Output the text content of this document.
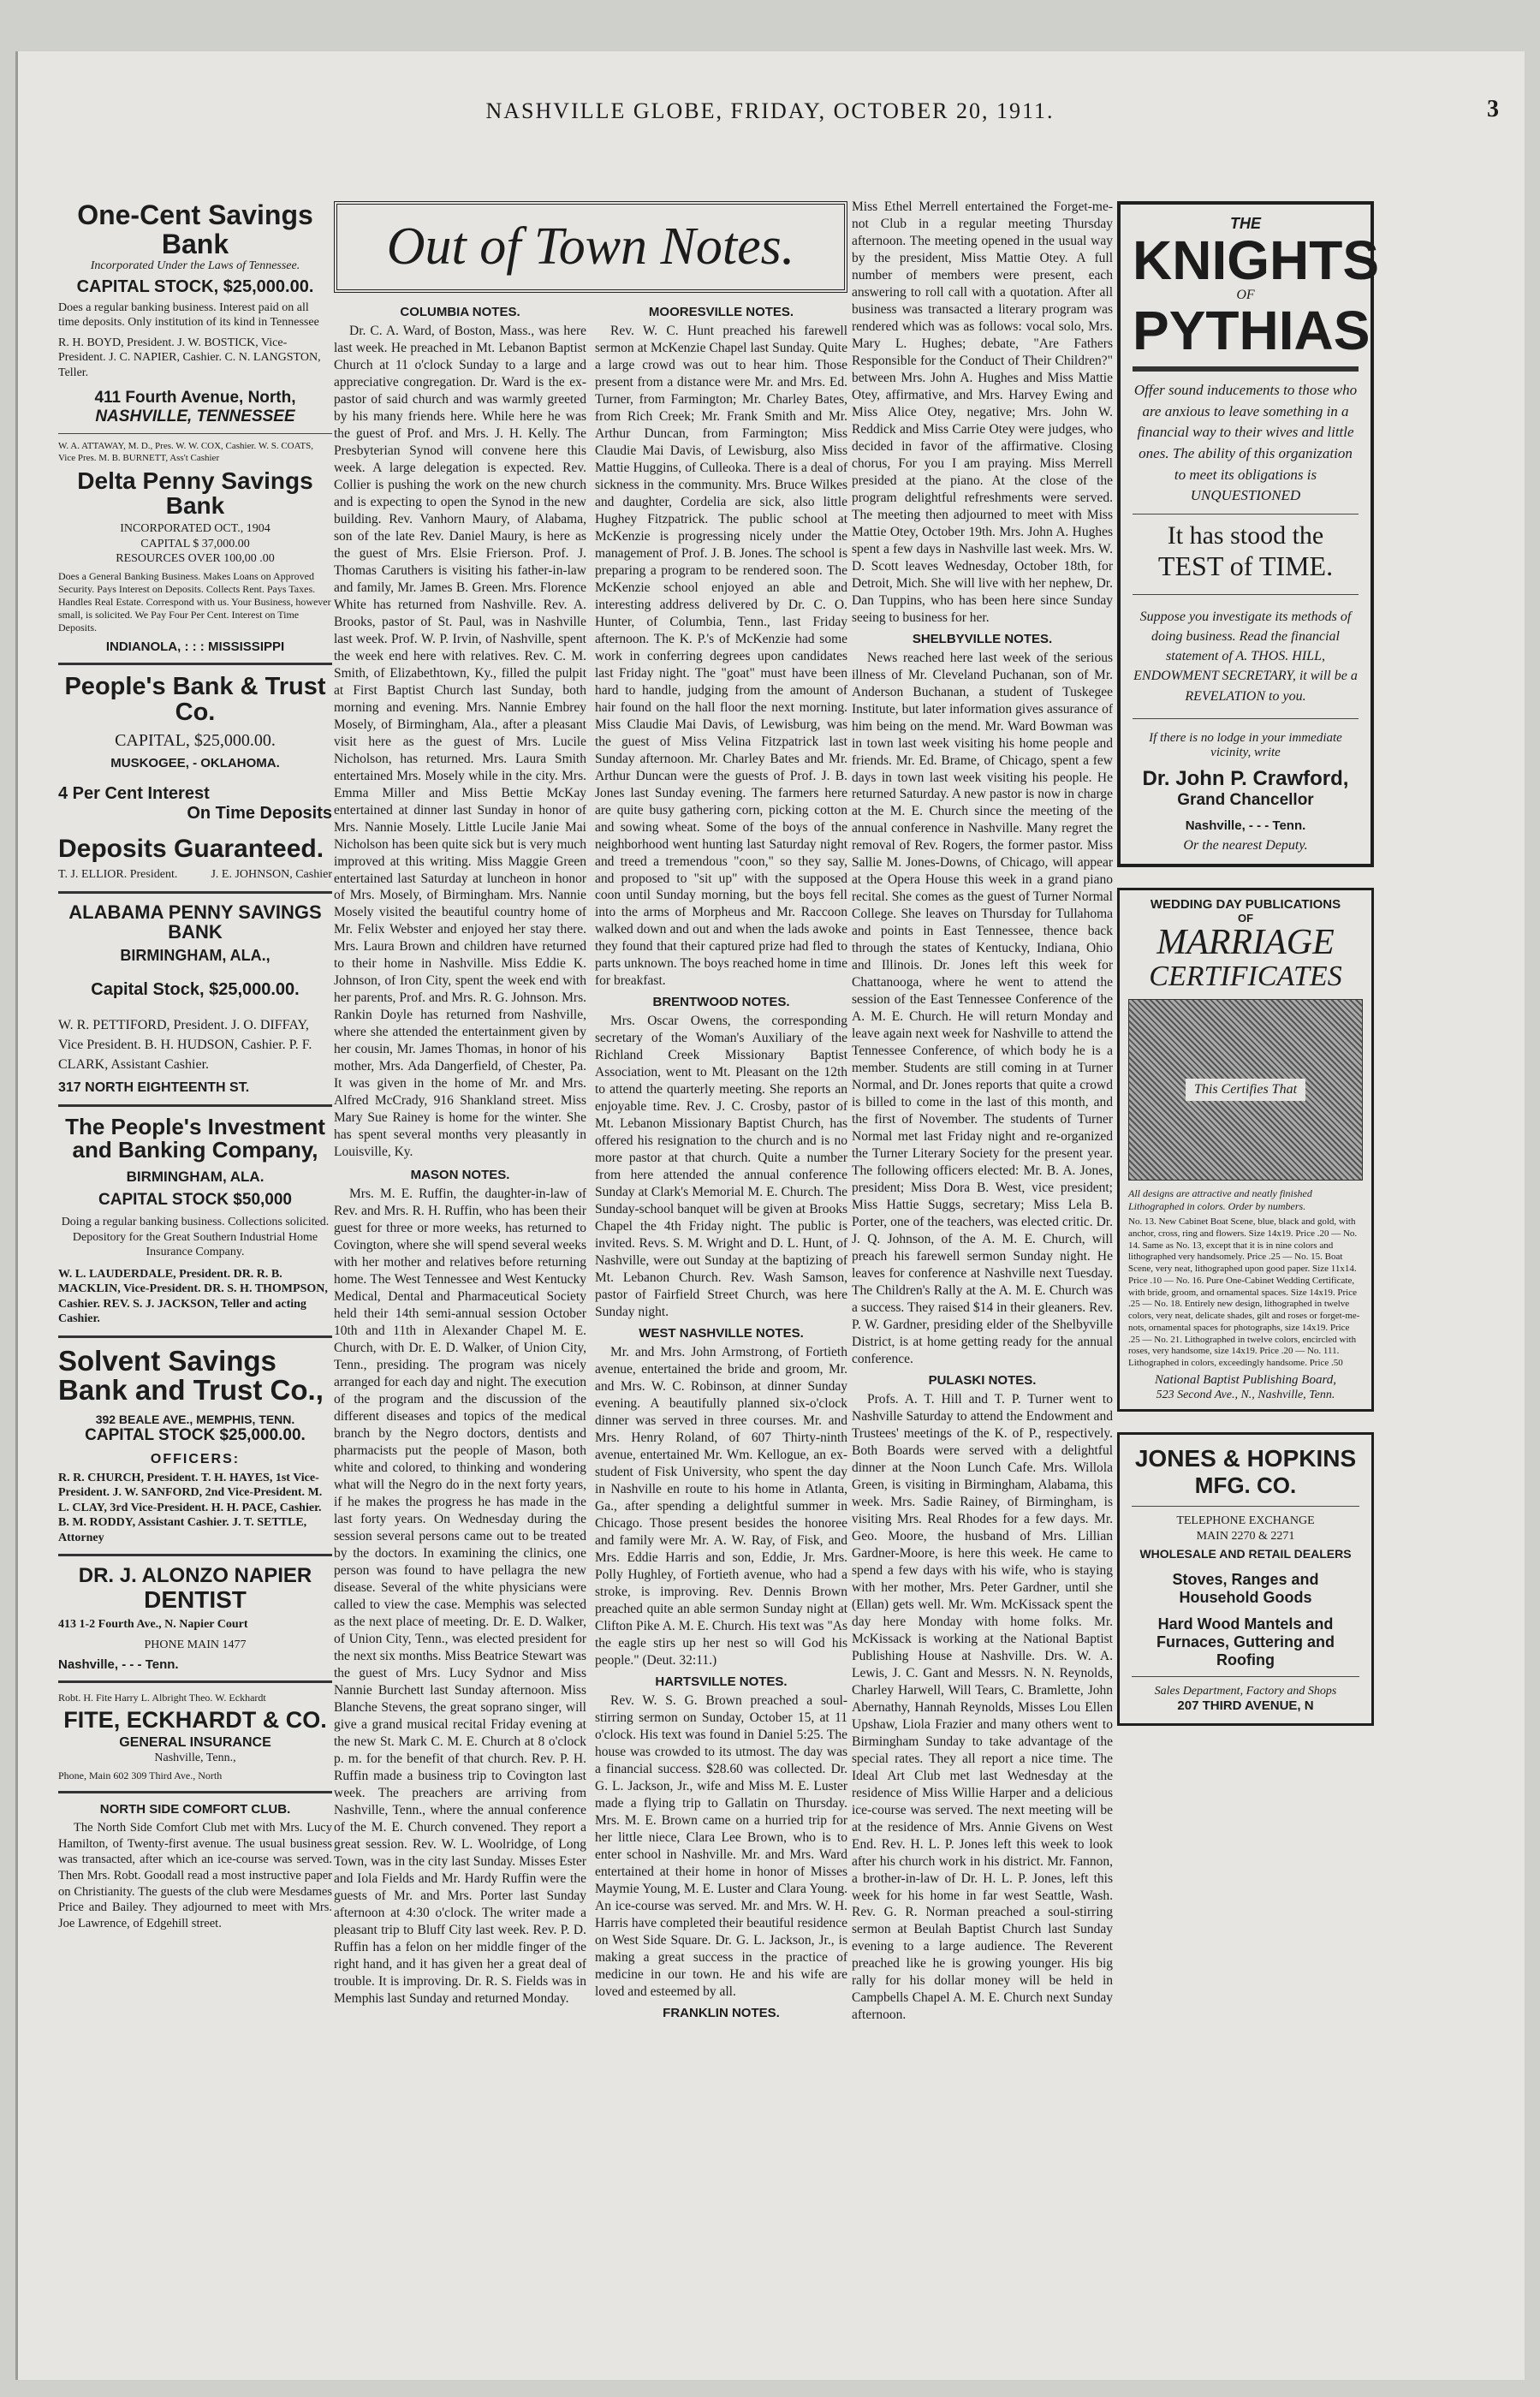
NASHVILLE GLOBE, FRIDAY, OCTOBER 20, 1911.	3
One-Cent Savings Bank
Incorporated Under the Laws of Tennessee.
CAPITAL STOCK, $25,000.00.
Does a regular banking business. Interest paid on all time deposits. Only institution of its kind in Tennessee
R. H. BOYD, President. J. W. BOSTICK, Vice-President. J. C. NAPIER, Cashier. C. N. LANGSTON, Teller.
411 Fourth Avenue, North,
NASHVILLE, TENNESSEE
W. A. ATTAWAY, M. D., Pres. W. W. COX, Cashier. W. S. COATS, Vice Pres. M. B. BURNETT, Ass't Cashier
Delta Penny Savings Bank
INCORPORATED OCT., 1904
CAPITAL $ 37,000.00
RESOURCES OVER 100,00 .00
Does a General Banking Business. Makes Loans on Approved Security. Pays Interest on Deposits. Collects Rent. Pays Taxes. Handles Real Estate. Correspond with us. Your Business, however small, is solicited. We Pay Four Per Cent. Interest on Time Deposits.
INDIANOLA, : : : MISSISSIPPI
People's Bank & Trust Co.
CAPITAL, $25,000.00.
MUSKOGEE, - OKLAHOMA.
4 Per Cent Interest
On Time Deposits
Deposits Guaranteed.
T. J. ELLIOR. President.	J. E. JOHNSON, Cashier
ALABAMA PENNY SAVINGS BANK
BIRMINGHAM, ALA.,
Capital Stock, $25,000.00.
W. R. PETTIFORD, President. J. O. DIFFAY, Vice President. B. H. HUDSON, Cashier. P. F. CLARK, Assistant Cashier.
317 NORTH EIGHTEENTH ST.
The People's Investment and Banking Company,
BIRMINGHAM, ALA.
CAPITAL STOCK $50,000
Doing a regular banking business. Collections solicited. Depository for the Great Southern Industrial Home Insurance Company.
W. L. LAUDERDALE, President. DR. R. B. MACKLIN, Vice-President. DR. S. H. THOMPSON, Cashier. REV. S. J. JACKSON, Teller and acting Cashier.
Solvent Savings Bank and Trust Co.,
392 BEALE AVE., MEMPHIS, TENN.
CAPITAL STOCK $25,000.00.
OFFICERS:
R. R. CHURCH, President. T. H. HAYES, 1st Vice-President. J. W. SANFORD, 2nd Vice-President. M. L. CLAY, 3rd Vice-President. H. H. PACE, Cashier. B. M. RODDY, Assistant Cashier. J. T. SETTLE, Attorney
DR. J. ALONZO NAPIER
DENTIST
413 1-2 Fourth Ave., N. Napier Court
PHONE MAIN 1477
Nashville, - - - Tenn.
Robt. H. Fite Harry L. Albright Theo. W. Eckhardt
FITE, ECKHARDT & CO.
GENERAL INSURANCE
Nashville, Tenn.,
Phone, Main 602 309 Third Ave., North
NORTH SIDE COMFORT CLUB.

The North Side Comfort Club met with Mrs. Lucy Hamilton, of Twenty-first avenue. The usual business was transacted, after which an ice-course was served. Then Mrs. Robt. Goodall read a most instructive paper on Christianity. The guests of the club were Mesdames Price and Bailey. They adjourned to meet with Mrs. Joe Lawrence, of Edgehill street.

Out of Town Notes.
COLUMBIA NOTES.

Dr. C. A. Ward, of Boston, Mass., was here last week. He preached in Mt. Lebanon Baptist Church at 11 o'clock Sunday to a large and appreciative congregation. Dr. Ward is the ex-pastor of said church and was warmly greeted by his many friends here. While here he was the guest of Prof. and Mrs. J. H. Kelly. The Presbyterian Synod will convene here this week. A large delegation is expected. Rev. Collier is pushing the work on the new church and is expecting to open the Synod in the new building. Rev. Vanhorn Maury, of Alabama, son of the late Rev. Daniel Maury, is here as the guest of Mrs. Elsie Frierson. Prof. J. Thomas Caruthers is visiting his father-in-law and family, Mr. James B. Green. Mrs. Florence White has returned from Nashville. Rev. A. Brooks, pastor of St. Paul, was in Nashville last week. Prof. W. P. Irvin, of Nashville, spent the week end here with relatives. Rev. C. M. Smith, of Elizabethtown, Ky., filled the pulpit at First Baptist Church last Sunday, both morning and evening. Mrs. Nannie Embrey Mosely, of Birmingham, Ala., after a pleasant visit here as the guest of Mrs. Lucile Nicholson, has returned. Mrs. Laura Smith entertained Mrs. Mosely while in the city. Mrs. Emma Miller and Miss Bettie McKay entertained at dinner last Sunday in honor of Mrs. Nannie Mosely. Little Lucile Janie Mai Nicholson has been quite sick but is very much improved at this writing. Miss Maggie Green entertained last Saturday at luncheon in honor of Mrs. Mosely, of Birmingham. Mrs. Nannie Mosely visited the beautiful country home of Mr. Felix Webster and enjoyed her stay there. Mrs. Laura Brown and children have returned to their home in Nashville. Miss Eddie K. Johnson, of Iron City, spent the week end with her parents, Prof. and Mrs. R. G. Johnson. Mrs. Rankin Doyle has returned from Nashville, where she attended the entertainment given by her cousin, Mr. James Thomas, in honor of his mother, Mrs. Ada Dangerfield, of Chester, Pa. It was given in the home of Mr. and Mrs. Alfred McCrady, 916 Shankland street. Miss Mary Sue Rainey is home for the winter. She has spent several months very pleasantly in Louisville, Ky.

MASON NOTES.

Mrs. M. E. Ruffin, the daughter-in-law of Rev. and Mrs. R. H. Ruffin, who has been their guest for three or more weeks, has returned to Covington, where she will spend several weeks with her mother and relatives before returning home. The West Tennessee and West Kentucky Medical, Dental and Pharmaceutical Society held their 14th semi-annual session October 10th and 11th in Alexander Chapel M. E. Church, with Dr. E. D. Walker, of Union City, Tenn., presiding. The program was nicely arranged for each day and night. The execution of the program and the discussion of the different diseases and topics of the medical branch by the Negro doctors, dentists and pharmacists put the people of Mason, both white and colored, to thinking and wondering what will the Negro do in the next forty years, if he makes the progress he has made in the last forty years. On Wednesday during the session several persons came out to be treated by the doctors. In examining the clinics, one person was found to have pellagra the new disease. Several of the white physicians were called to view the case. Memphis was selected as the next place of meeting. Dr. E. D. Walker, of Union City, Tenn., was elected president for the next six months. Miss Beatrice Stewart was the guest of Mrs. Lucy Sydnor and Miss Nannie Burchett last Sunday afternoon. Miss Blanche Stevens, the great soprano singer, will give a grand musical recital Friday evening at the new St. Mark C. M. E. Church at 8 o'clock p. m. for the benefit of that church. Rev. P. H. Ruffin made a business trip to Covington last week. The preachers are arriving from Nashville, Tenn., where the annual conference of the M. E. Church convened. They report a great session. Rev. W. L. Woolridge, of Long Town, was in the city last Sunday. Misses Ester and Iola Fields and Mr. Hardy Ruffin were the guests of Mr. and Mrs. Porter last Sunday afternoon at 4:30 o'clock. The writer made a pleasant trip to Bluff City last week. Rev. P. D. Ruffin has a felon on her middle finger of the right hand, and it has given her a great deal of trouble. It is improving. Dr. R. S. Fields was in Memphis last Sunday and returned Monday.

MOORESVILLE NOTES.

Rev. W. C. Hunt preached his farewell sermon at McKenzie Chapel last Sunday. Quite a large crowd was out to hear him. Those present from a distance were Mr. and Mrs. Ed. Turner, from Farmington; Mr. Charley Bates, from Rich Creek; Mr. Frank Smith and Mr. Arthur Duncan, from Farmington; Miss Claudie Mai Davis, of Lewisburg, also Miss Mattie Huggins, of Culleoka. There is a deal of sickness in the community. Mrs. Bruce Wilkes and daughter, Cordelia are sick, also little Hughey Fitzpatrick. The public school at McKenzie is progressing nicely under the management of Prof. J. B. Jones. The school is preparing a program to be rendered soon. The McKenzie school enjoyed an able and interesting address delivered by Dr. C. O. Hunter, of Columbia, Tenn., last Friday afternoon. The K. P.'s of McKenzie had some work in conferring degrees upon candidates last Friday night. The "goat" must have been hard to handle, judging from the amount of hair found on the hall floor the next morning. Miss Claudie Mai Davis, of Lewisburg, was the guest of Miss Velina Fitzpatrick last Sunday afternoon. Mr. Charley Bates and Mr. Arthur Duncan were the guests of Prof. J. B. Jones last Sunday evening. The farmers here are quite busy gathering corn, picking cotton and sowing wheat. Some of the boys of the neighborhood went hunting last Saturday night and treed a tremendous "coon," so they say, and proposed to "sit up" with the supposed coon until Sunday morning, but the boys fell into the arms of Morpheus and Mr. Raccoon walked down and out and when the lads awoke they found that their captured prize had fled to parts unknown. The boys reached home in time for breakfast.

BRENTWOOD NOTES.

Mrs. Oscar Owens, the corresponding secretary of the Woman's Auxiliary of the Richland Creek Missionary Baptist Association, went to Mt. Pleasant on the 12th to attend the quarterly meeting. She reports an enjoyable time. Rev. J. C. Crosby, pastor of Mt. Lebanon Missionary Baptist Church, has offered his resignation to the church and is no more pastor at that church. Quite a number from here attended the annual conference Sunday at Clark's Memorial M. E. Church. The Sunday-school banquet will be given at Brooks Chapel the 4th Friday night. The public is invited. Revs. S. M. Wright and D. L. Hunt, of Nashville, were out Sunday at the baptizing of Mt. Lebanon Church. Rev. Wash Samson, pastor of Fairfield Street Church, was here Sunday night.

WEST NASHVILLE NOTES.

Mr. and Mrs. John Armstrong, of Fortieth avenue, entertained the bride and groom, Mr. and Mrs. W. C. Robinson, at dinner Sunday evening. A beautifully planned six-o'clock dinner was served in three courses. Mr. and Mrs. Henry Roland, of 607 Thirty-ninth avenue, entertained Mr. Wm. Kellogue, an ex-student of Fisk University, who spent the day in Nashville en route to his home in Atlanta, Ga., after spending a delightful summer in Chicago. Those present besides the honoree and family were Mr. A. W. Ray, of Fisk, and Mrs. Eddie Harris and son, Eddie, Jr. Mrs. Polly Hughley, of Fortieth avenue, who had a stroke, is improving. Rev. Dennis Brown preached quite an able sermon Sunday night at Clifton Pike A. M. E. Church. His text was "As the eagle stirs up her nest so will God his people." (Deut. 32:11.)

HARTSVILLE NOTES.

Rev. W. S. G. Brown preached a soul-stirring sermon on Sunday, October 15, at 11 o'clock. His text was found in Daniel 5:25. The house was crowded to its utmost. The day was a financial success. $28.60 was collected. Dr. G. L. Jackson, Jr., wife and Miss M. E. Luster made a flying trip to Gallatin on Thursday. Mrs. M. E. Brown came on a hurried trip for her little niece, Clara Lee Brown, who is to enter school in Nashville. Mr. and Mrs. Ward entertained at their home in honor of Misses Maymie Young, M. E. Luster and Clara Young. An ice-course was served. Mr. and Mrs. W. H. Harris have completed their beautiful residence on West Side Square. Dr. G. L. Jackson, Jr., is making a great success in the practice of medicine in our town. He and his wife are loved and esteemed by all.

FRANKLIN NOTES.

Miss Ethel Merrell entertained the Forget-me-not Club in a regular meeting Thursday afternoon. The meeting opened in the usual way by the president, Miss Mattie Otey. A full number of members were present, each answering to roll call with a quotation. After all business was transacted a literary program was rendered which was as follows: vocal solo, Mrs. Mary L. Hughes; debate, "Are Fathers Responsible for the Conduct of Their Children?" between Mrs. John A. Hughes and Miss Mattie Otey, affirmative, and Mrs. Harvey Ewing and Miss Alice Otey, negative; Mrs. John W. Reddick and Miss Carrie Otey were judges, who decided in favor of the affirmative. Closing chorus, For you I am praying. Miss Merrell presided at the piano. At the close of the program delightful refreshments were served. The meeting then adjourned to meet with Miss Mattie Otey, October 19th. Mrs. John A. Hughes spent a few days in Nashville last week. Mrs. W. D. Scott leaves Wednesday, October 18th, for Detroit, Mich. She will live with her nephew, Dr. Dan Tuppins, who has been here since Sunday seeing to business for her.

SHELBYVILLE NOTES.

News reached here last week of the serious illness of Mr. Cleveland Puchanan, son of Mr. Anderson Buchanan, a student of Tuskegee Institute, but later information gives assurance of him being on the mend. Mr. Ward Bowman was in town last week visiting his home people and friends. Mr. Ed. Brame, of Chicago, spent a few days in town last week visiting his people. He returned Saturday. A new pastor is now in charge at the M. E. Church since the meeting of the annual conference in Nashville. Many regret the removal of Rev. Rogers, the former pastor. Miss Sallie M. Jones-Downs, of Chicago, will appear at the Opera House this week in a grand piano recital. She comes as the guest of Turner Normal College. She leaves on Thursday for Tullahoma and points in East Tennessee, thence back through the states of Kentucky, Indiana, Ohio and Illinois. Dr. Jones left this week for Chattanooga, where he went to attend the session of the East Tennessee Conference of the A. M. E. Church. He will return Monday and leave again next week for Nashville to attend the Tennessee Conference, of which body he is a member. Students are still coming in at Turner Normal, and Dr. Jones reports that quite a crowd is billed to come in the last of this month, and the first of November. The students of Turner Normal met last Friday night and re-organized the Turner Literary Society for the present year. The following officers elected: Mr. B. A. Jones, president; Miss Dora B. West, vice president; Miss Hattie Suggs, secretary; Miss Lela B. Porter, one of the teachers, was elected critic. Dr. J. Q. Johnson, of the A. M. E. Church, will preach his farewell sermon Sunday night. He leaves for conference at Nashville next Tuesday. The Children's Rally at the A. M. E. Church was a success. They raised $14 in their gleaners. Rev. P. W. Gardner, presiding elder of the Shelbyville District, is at home getting ready for the annual conference.

PULASKI NOTES.

Profs. A. T. Hill and T. P. Turner went to Nashville Saturday to attend the Endowment and Trustees' meetings of the K. of P., respectively. Both Boards were served with a delightful dinner at the Noon Lunch Cafe. Mrs. Willola Green, is visiting in Birmingham, Alabama, this week. Mrs. Sadie Rainey, of Birmingham, is visiting Mrs. Real Rhodes for a few days. Mr. Geo. Moore, the husband of Mrs. Lillian Gardner-Moore, is here this week. He came to spend a few days with his wife, who is staying with her mother, Mrs. Peter Gardner, until she (Ellan) gets well. Mr. Wm. McKissack spent the day here Monday with home folks. Mr. McKissack is working at the National Baptist Publishing House at Nashville. Drs. W. A. Lewis, J. C. Gant and Messrs. N. N. Reynolds, Charley Harwell, Will Tears, C. Bramlette, John Abernathy, Hannah Reynolds, Misses Lou Ellen Upshaw, Liola Frazier and many others went to Birmingham Sunday to take advantage of the special rates. They all report a nice time. The Ideal Art Club met last Wednesday at the residence of Miss Willie Harper and a delicious ice-course was served. The next meeting will be at the residence of Mrs. Annie Givens on West End. Rev. H. L. P. Jones left this week to look after his church work in his district. Mr. Fannon, a brother-in-law of Dr. H. L. P. Jones, left this week for his home in far west Seattle, Wash. Rev. G. R. Norman preached a soul-stirring sermon at Beulah Baptist Church last Sunday evening to a large audience. The Reverent preached like he is growing younger. His big rally for his dollar money will be held in Campbells Chapel A. M. E. Church next Sunday afternoon.

THE
KNIGHTS
OF
PYTHIAS
Offer sound inducements to those who are anxious to leave something in a financial way to their wives and little ones. The ability of this organization to meet its obligations is UNQUESTIONED
It has stood the
TEST of TIME.
Suppose you investigate its methods of doing business. Read the financial statement of A. THOS. HILL, ENDOWMENT SECRETARY, it will be a REVELATION to you.
If there is no lodge in your immediate vicinity, write
Dr. John P. Crawford,
Grand Chancellor
Nashville, - - - Tenn.
Or the nearest Deputy.
WEDDING DAY PUBLICATIONS
OF
MARRIAGE
CERTIFICATES
This Certifies That
All designs are attractive and neatly finished Lithographed in colors. Order by numbers.
No. 13. New Cabinet Boat Scene, blue, black and gold, with anchor, cross, ring and flowers. Size 14x19. Price .20 — No. 14. Same as No. 13, except that it is in nine colors and lithographed very handsomely. Price .25 — No. 15. Boat Scene, very neat, lithographed upon good paper. Size 11x14. Price .10 — No. 16. Pure One-Cabinet Wedding Certificate, with bride, groom, and ornamental spaces. Size 14x19. Price .25 — No. 18. Entirely new design, lithographed in twelve colors, very neat, delicate shades, gilt and roses or forget-me-nots, ornamental spaces for photographs, size 14x19. Price .25 — No. 21. Lithographed in twelve colors, encircled with roses, very handsome, size 14x19. Price .20 — No. 111. Lithographed in colors, exceedingly handsome. Price .50
National Baptist Publishing Board,
523 Second Ave., N., Nashville, Tenn.
JONES & HOPKINS
MFG. CO.
TELEPHONE EXCHANGE
MAIN 2270 & 2271
WHOLESALE AND RETAIL DEALERS
Stoves, Ranges and Household Goods
Hard Wood Mantels and Furnaces, Guttering and Roofing
Sales Department, Factory and Shops
207 THIRD AVENUE, N
